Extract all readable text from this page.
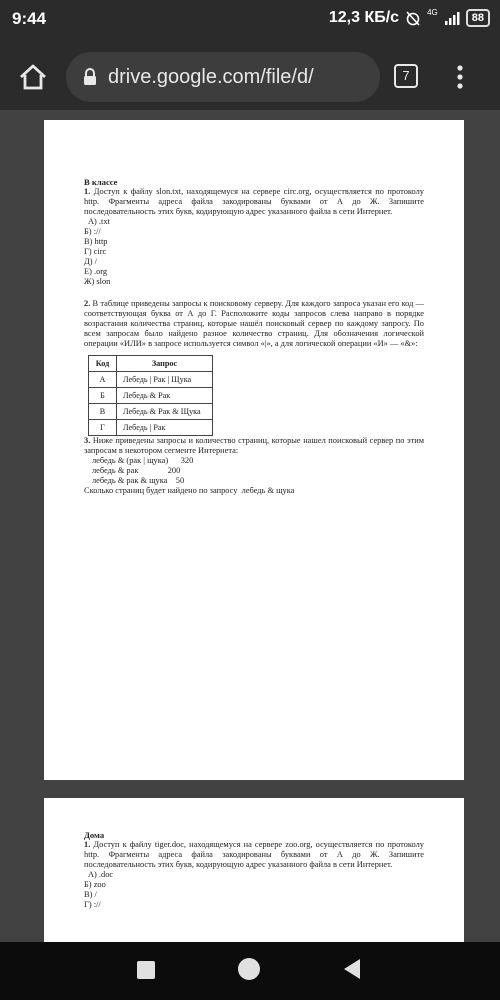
9:44	12,3 КБ/с	4G	88
drive.google.com/file/d/	7
В классе
1. Доступ к файлу slon.txt, находящемуся на сервере circ.org, осуществляется по протоколу http. Фрагменты адреса файла закодированы буквами от А до Ж. Запишите последовательность этих букв, кодирующую адрес указанного файла в сети Интернет.
А) .txt
Б) ://
В) http
Г) circ
Д) /
Е) .org
Ж) slon
2. В таблице приведены запросы к поисковому серверу. Для каждого запроса указан его код — соответствующая буква от А до Г. Расположите коды запросов слева направо в порядке возрастания количества страниц, которые нашёл поисковый сервер по каждому запросу. По всем запросам было найдено разное количество страниц. Для обозначения логической операции «ИЛИ» в запросе используется символ «|», а для логической операции «И» — «&»:
Код	Запрос
А	Лебедь | Рак | Щука
Б	Лебедь & Рак
В	Лебедь & Рак & Щука
Г	Лебедь | Рак
3. Ниже приведены запросы и количество страниц, которые нашел поисковый сервер по этим запросам в некотором сегменте Интернета:
лебедь & (рак | щука)      320
лебедь & рак              200
лебедь & рак & щука    50
Сколько страниц будет найдено по запросу  лебедь & щука
Дома
1. Доступ к файлу tiger.doc, находящемуся на сервере zoo.org, осуществляется по протоколу http. Фрагменты адреса файла закодированы буквами от А до Ж. Запишите последовательность этих букв, кодирующую адрес указанного файла в сети Интернет.
А) .doc
Б) zoo
В) /
Г) ://
